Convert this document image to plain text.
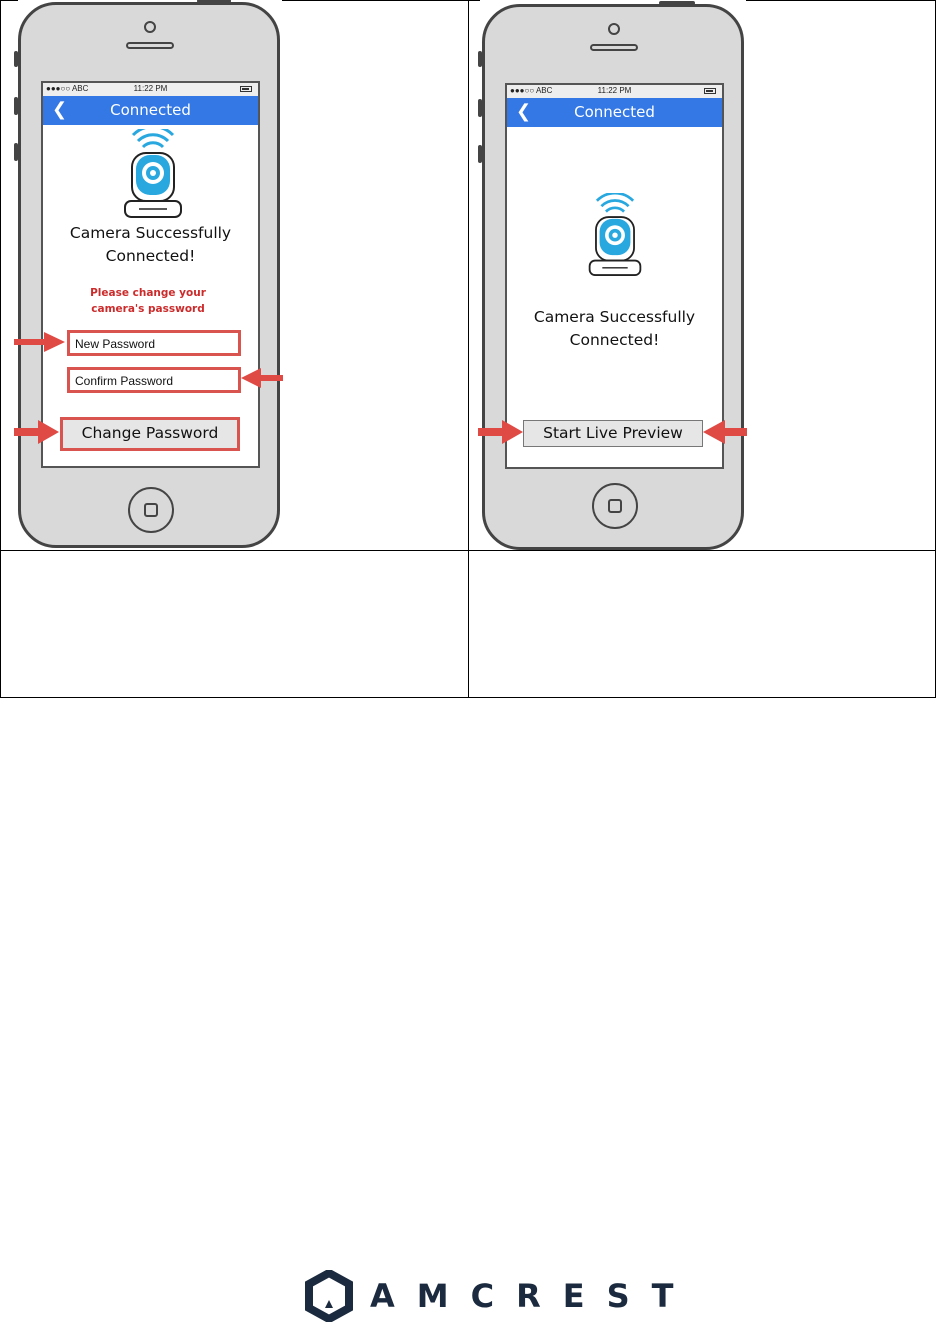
●●●○○ ABC	11:22 PM
❮	Connected
Camera Successfully
Connected!
Please change your
camera's password
New Password
Confirm Password
Change Password
●●●○○ ABC	11:22 PM
❮	Connected
Camera Successfully
Connected!
Start Live Preview
AMCREST
